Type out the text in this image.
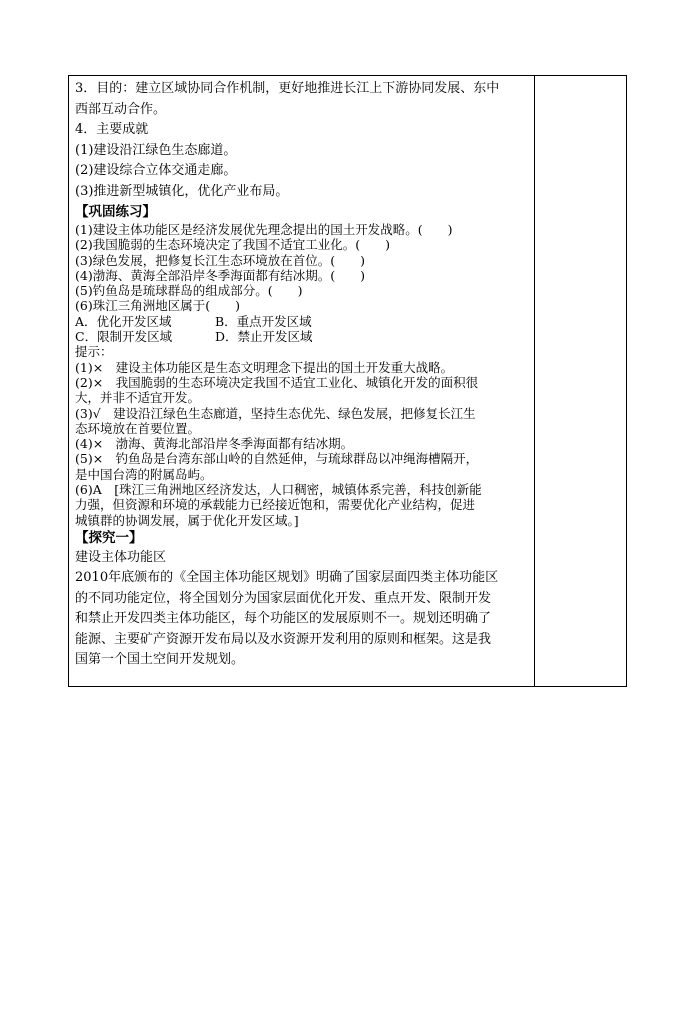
3．目的：建立区域协同合作机制，更好地推进长江上下游协同发展、东中
西部互动合作。
4．主要成就
(1)建设沿江绿色生态廊道。
(2)建设综合立体交通走廊。
(3)推进新型城镇化，优化产业布局。
【巩固练习】
(1)建设主体功能区是经济发展优先理念提出的国土开发战略。(　　)
(2)我国脆弱的生态环境决定了我国不适宜工业化。(　　)
(3)绿色发展，把修复长江生态环境放在首位。(　　)
(4)渤海、黄海全部沿岸冬季海面都有结冰期。(　　)
(5)钓鱼岛是琉球群岛的组成部分。(　　)
(6)珠江三角洲地区属于(　　)
A．优化开发区域	B．重点开发区域
C．限制开发区域	D．禁止开发区域
提示：
(1)×　建设主体功能区是生态文明理念下提出的国土开发重大战略。
(2)×　我国脆弱的生态环境决定我国不适宜工业化、城镇化开发的面积很
大，并非不适宜开发。
(3)√　建设沿江绿色生态廊道，坚持生态优先、绿色发展，把修复长江生
态环境放在首要位置。
(4)×　渤海、黄海北部沿岸冬季海面都有结冰期。
(5)×　钓鱼岛是台湾东部山岭的自然延伸，与琉球群岛以冲绳海槽隔开，
是中国台湾的附属岛屿。
(6)A　[珠江三角洲地区经济发达，人口稠密，城镇体系完善，科技创新能
力强，但资源和环境的承载能力已经接近饱和，需要优化产业结构，促进
城镇群的协调发展，属于优化开发区域。]
【探究一】
建设主体功能区
2010年底颁布的《全国主体功能区规划》明确了国家层面四类主体功能区
的不同功能定位，将全国划分为国家层面优化开发、重点开发、限制开发
和禁止开发四类主体功能区，每个功能区的发展原则不一。规划还明确了
能源、主要矿产资源开发布局以及水资源开发利用的原则和框架。这是我
国第一个国土空间开发规划。
